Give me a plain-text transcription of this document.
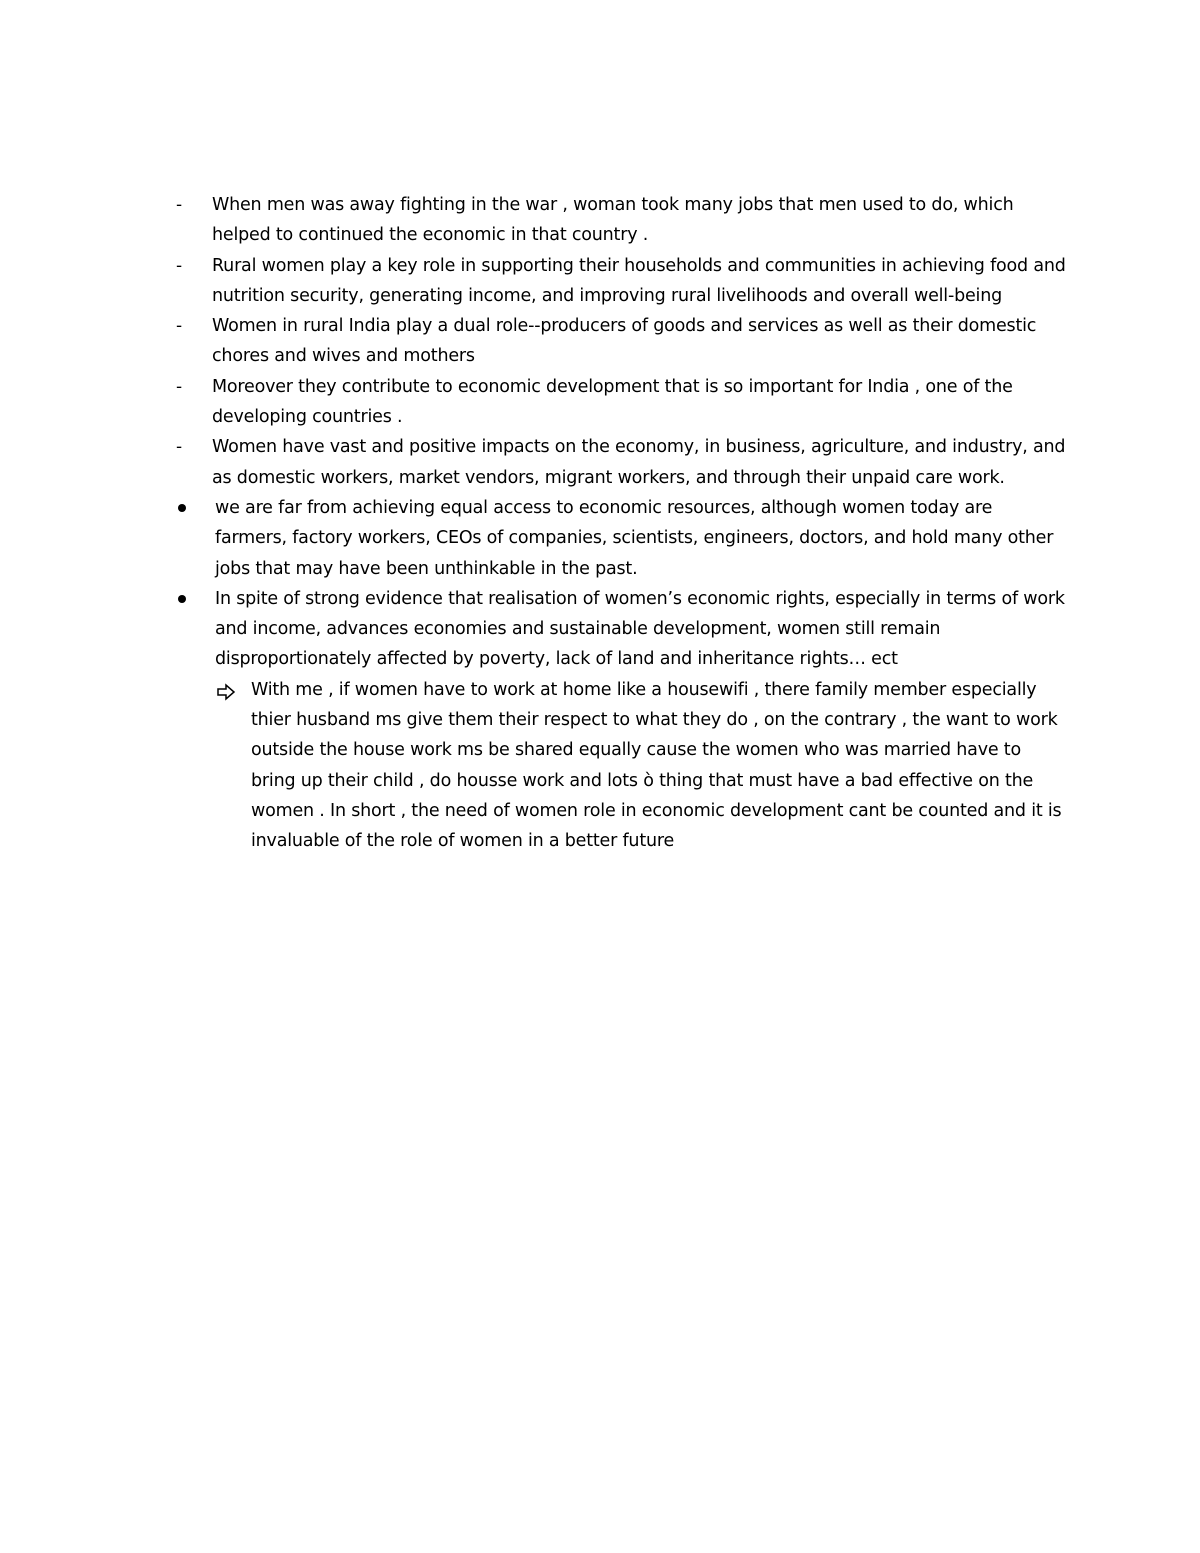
- When men was away fighting in the war , woman took many jobs that men used to do, which helped to continued the economic in that country .
- Rural women play a key role in supporting their households and communities in achieving food and nutrition security, generating income, and improving rural livelihoods and overall well-being
- Women in rural India play a dual role--producers of goods and services as well as their domestic chores and wives and mothers
- Moreover they contribute to economic development that is so important for India , one of the developing countries .
- Women have vast and positive impacts on the economy, in business, agriculture, and industry, and as domestic workers, market vendors, migrant workers, and through their unpaid care work.
we are far from achieving equal access to economic resources, although women today are farmers, factory workers, CEOs of companies, scientists, engineers, doctors, and hold many other jobs that may have been unthinkable in the past.
In spite of strong evidence that realisation of women’s economic rights, especially in terms of work and income, advances economies and sustainable development, women still remain disproportionately affected by poverty, lack of land and inheritance rights… ect
With me , if women have to work at home like a housewifi , there family member especially thier husband ms give them their respect to what they do , on the contrary , the want to work outside the house work ms be shared equally cause the women who was married have to bring up their child , do housse work and lots ò thing that must have a bad effective on the women . In short , the need of women role in economic development cant be counted and it is invaluable of the role of women in a better future
